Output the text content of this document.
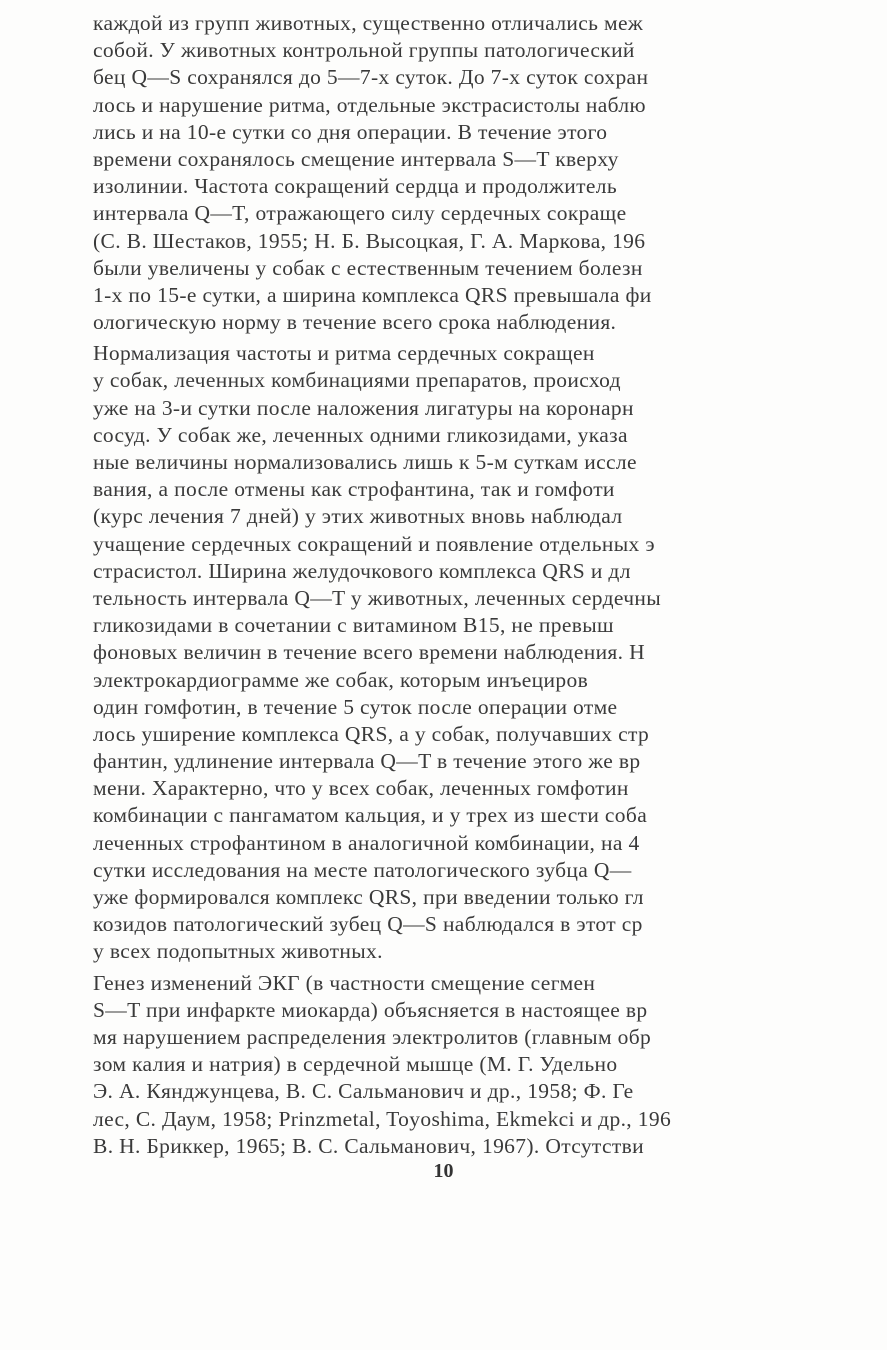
каждой из групп животных, существенно отличались меж
собой. У животных контрольной группы патологический
бец Q—S сохранялся до 5—7-х суток. До 7-х суток сохран
лось и нарушение ритма, отдельные экстрасистолы наблю
лись и на 10-е сутки со дня операции. В течение этого
времени сохранялось смещение интервала S—T кверху
изолинии. Частота сокращений сердца и продолжитель
интервала Q—T, отражающего силу сердечных сокраще
(С. В. Шестаков, 1955; Н. Б. Высоцкая, Г. А. Маркова, 196
были увеличены у собак с естественным течением болезн
1-х по 15-е сутки, а ширина комплекса QRS превышала фи
ологическую норму в течение всего срока наблюдения.
Нормализация частоты и ритма сердечных сокращен
у собак, леченных комбинациями препаратов, происход
уже на 3-и сутки после наложения лигатуры на коронарн
сосуд. У собак же, леченных одними гликозидами, указа
ные величины нормализовались лишь к 5-м суткам иссле
вания, а после отмены как строфантина, так и гомфоти
(курс лечения 7 дней) у этих животных вновь наблюдал
учащение сердечных сокращений и появление отдельных э
страсистол. Ширина желудочкового комплекса QRS и дл
тельность интервала Q—T у животных, леченных сердечны
гликозидами в сочетании с витамином B15, не превыш
фоновых величин в течение всего времени наблюдения. Н
электрокардиограмме же собак, которым инъециров
один гомфотин, в течение 5 суток после операции отме
лось уширение комплекса QRS, а у собак, получавших стр
фантин, удлинение интервала Q—T в течение этого же вр
мени. Характерно, что у всех собак, леченных гомфотин
комбинации с пангаматом кальция, и у трех из шести соба
леченных строфантином в аналогичной комбинации, на 4
сутки исследования на месте патологического зубца Q—
уже формировался комплекс QRS, при введении только гл
козидов патологический зубец Q—S наблюдался в этот ср
у всех подопытных животных.
Генез изменений ЭКГ (в частности смещение сегмен
S—T при инфаркте миокарда) объясняется в настоящее вр
мя нарушением распределения электролитов (главным обр
зом калия и натрия) в сердечной мышце (М. Г. Удельно
Э. А. Кянджунцева, В. С. Сальманович и др., 1958; Ф. Ге
лес, С. Даум, 1958; Prinzmetal, Toyoshima, Ekmekci и др., 196
В. Н. Бриккер, 1965; В. С. Сальманович, 1967). Отсутстви
10
